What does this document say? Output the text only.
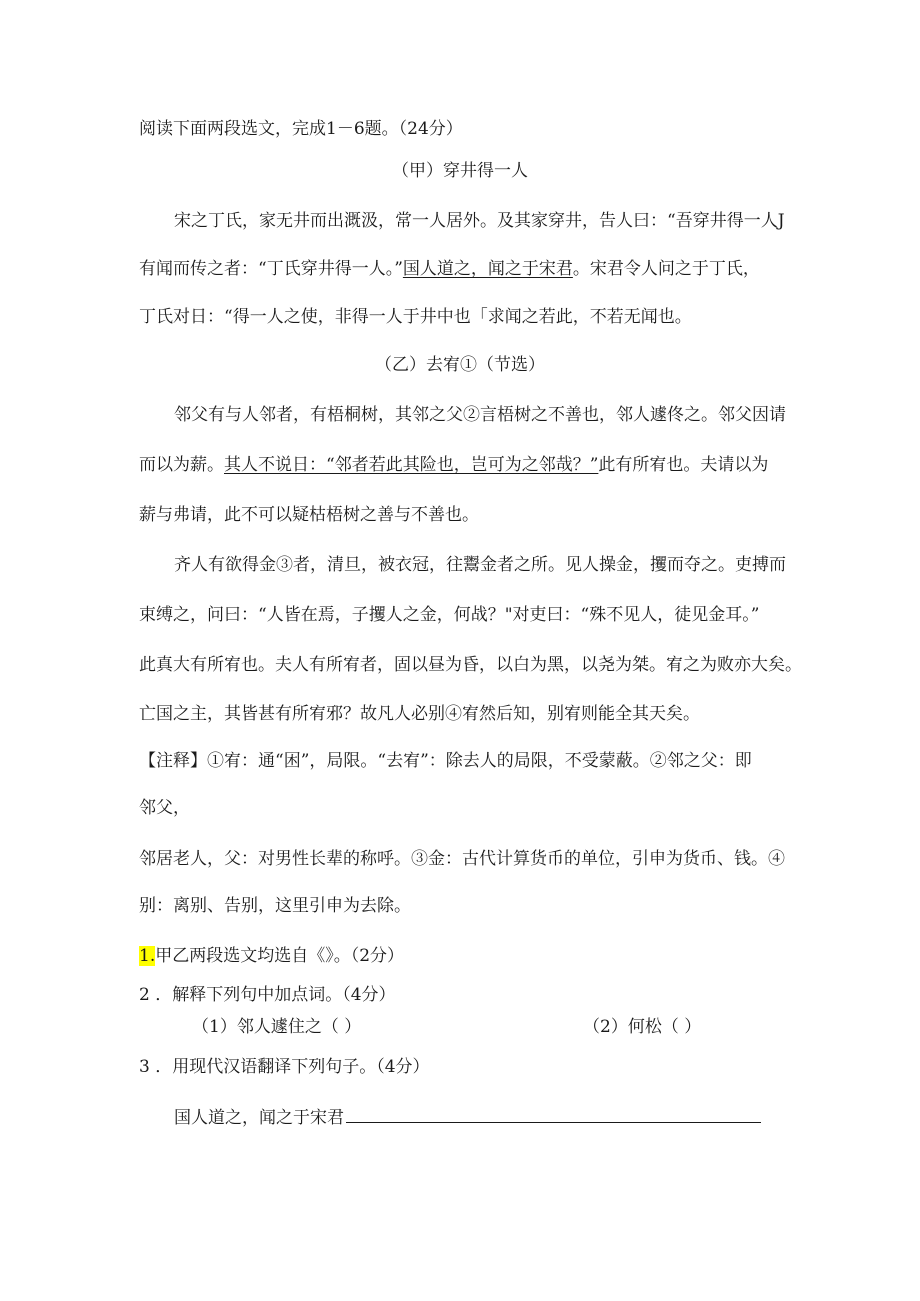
阅读下面两段选文，完成1－6题。（24分）
（甲）穿井得一人
宋之丁氏，家无井而出溉汲，常一人居外。及其家穿井，告人曰：“吾穿井得一人J
有闻而传之者：“丁氏穿井得一人。”国人道之，闻之于宋君。宋君令人问之于丁氏，
丁氏对日：“得一人之使，非得一人于井中也「求闻之若此，不若无闻也。
（乙）去宥①（节选）
邻父有与人邻者，有梧桐树，其邻之父②言梧树之不善也，邻人遽佟之。邻父因请
而以为薪。其人不说日：“邻者若此其险也，岂可为之邻哉？”此有所宥也。夫请以为
薪与弗请，此不可以疑枯梧树之善与不善也。
齐人有欲得金③者，清旦，被衣冠，往鬻金者之所。见人操金，攫而夺之。吏搏而
束缚之，问曰：“人皆在焉，子攫人之金，何战？"对吏曰：“殊不见人，徒见金耳。”
此真大有所宥也。夫人有所宥者，固以昼为昏，以白为黑，以尧为桀。宥之为败亦大矣。
亡国之主，其皆甚有所宥邪？故凡人必别④宥然后知，别宥则能全其天矣。
【注释】①宥：通“困”，局限。“去宥”：除去人的局限，不受蒙蔽。②邻之父：即
邻父，
邻居老人，父：对男性长辈的称呼。③金：古代计算货币的单位，引申为货币、钱。④
别：离别、告别，这里引申为去除。
1.甲乙两段选文均选自《》。（2分）
2 ．解释下列句中加点词。（4分）
（1）邻人遽住之（ ）	（2）何松（ ）
3 ．用现代汉语翻译下列句子。（4分）
国人道之，闻之于宋君
